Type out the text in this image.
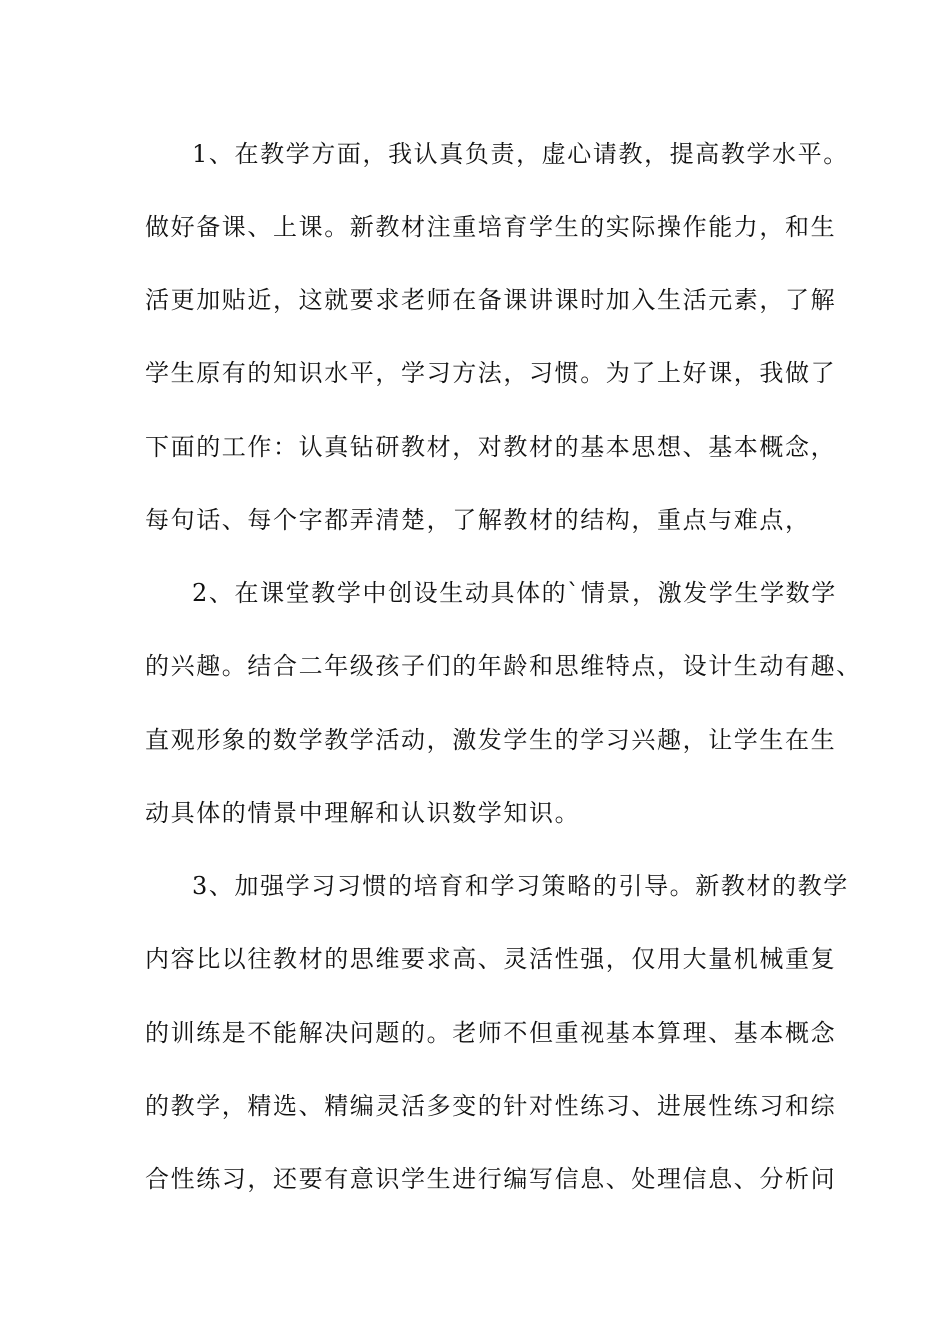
1、在教学方面，我认真负责，虚心请教，提高教学水平。
做好备课、上课。新教材注重培育学生的实际操作能力，和生
活更加贴近，这就要求老师在备课讲课时加入生活元素，了解
学生原有的知识水平，学习方法，习惯。为了上好课，我做了
下面的工作：认真钻研教材，对教材的基本思想、基本概念，
每句话、每个字都弄清楚，了解教材的结构，重点与难点，
2、在课堂教学中创设生动具体的`情景，激发学生学数学
的兴趣。结合二年级孩子们的年龄和思维特点，设计生动有趣、
直观形象的数学教学活动，激发学生的学习兴趣，让学生在生
动具体的情景中理解和认识数学知识。
3、加强学习习惯的培育和学习策略的引导。新教材的教学
内容比以往教材的思维要求高、灵活性强，仅用大量机械重复
的训练是不能解决问题的。老师不但重视基本算理、基本概念
的教学，精选、精编灵活多变的针对性练习、进展性练习和综
合性练习，还要有意识学生进行编写信息、处理信息、分析问
